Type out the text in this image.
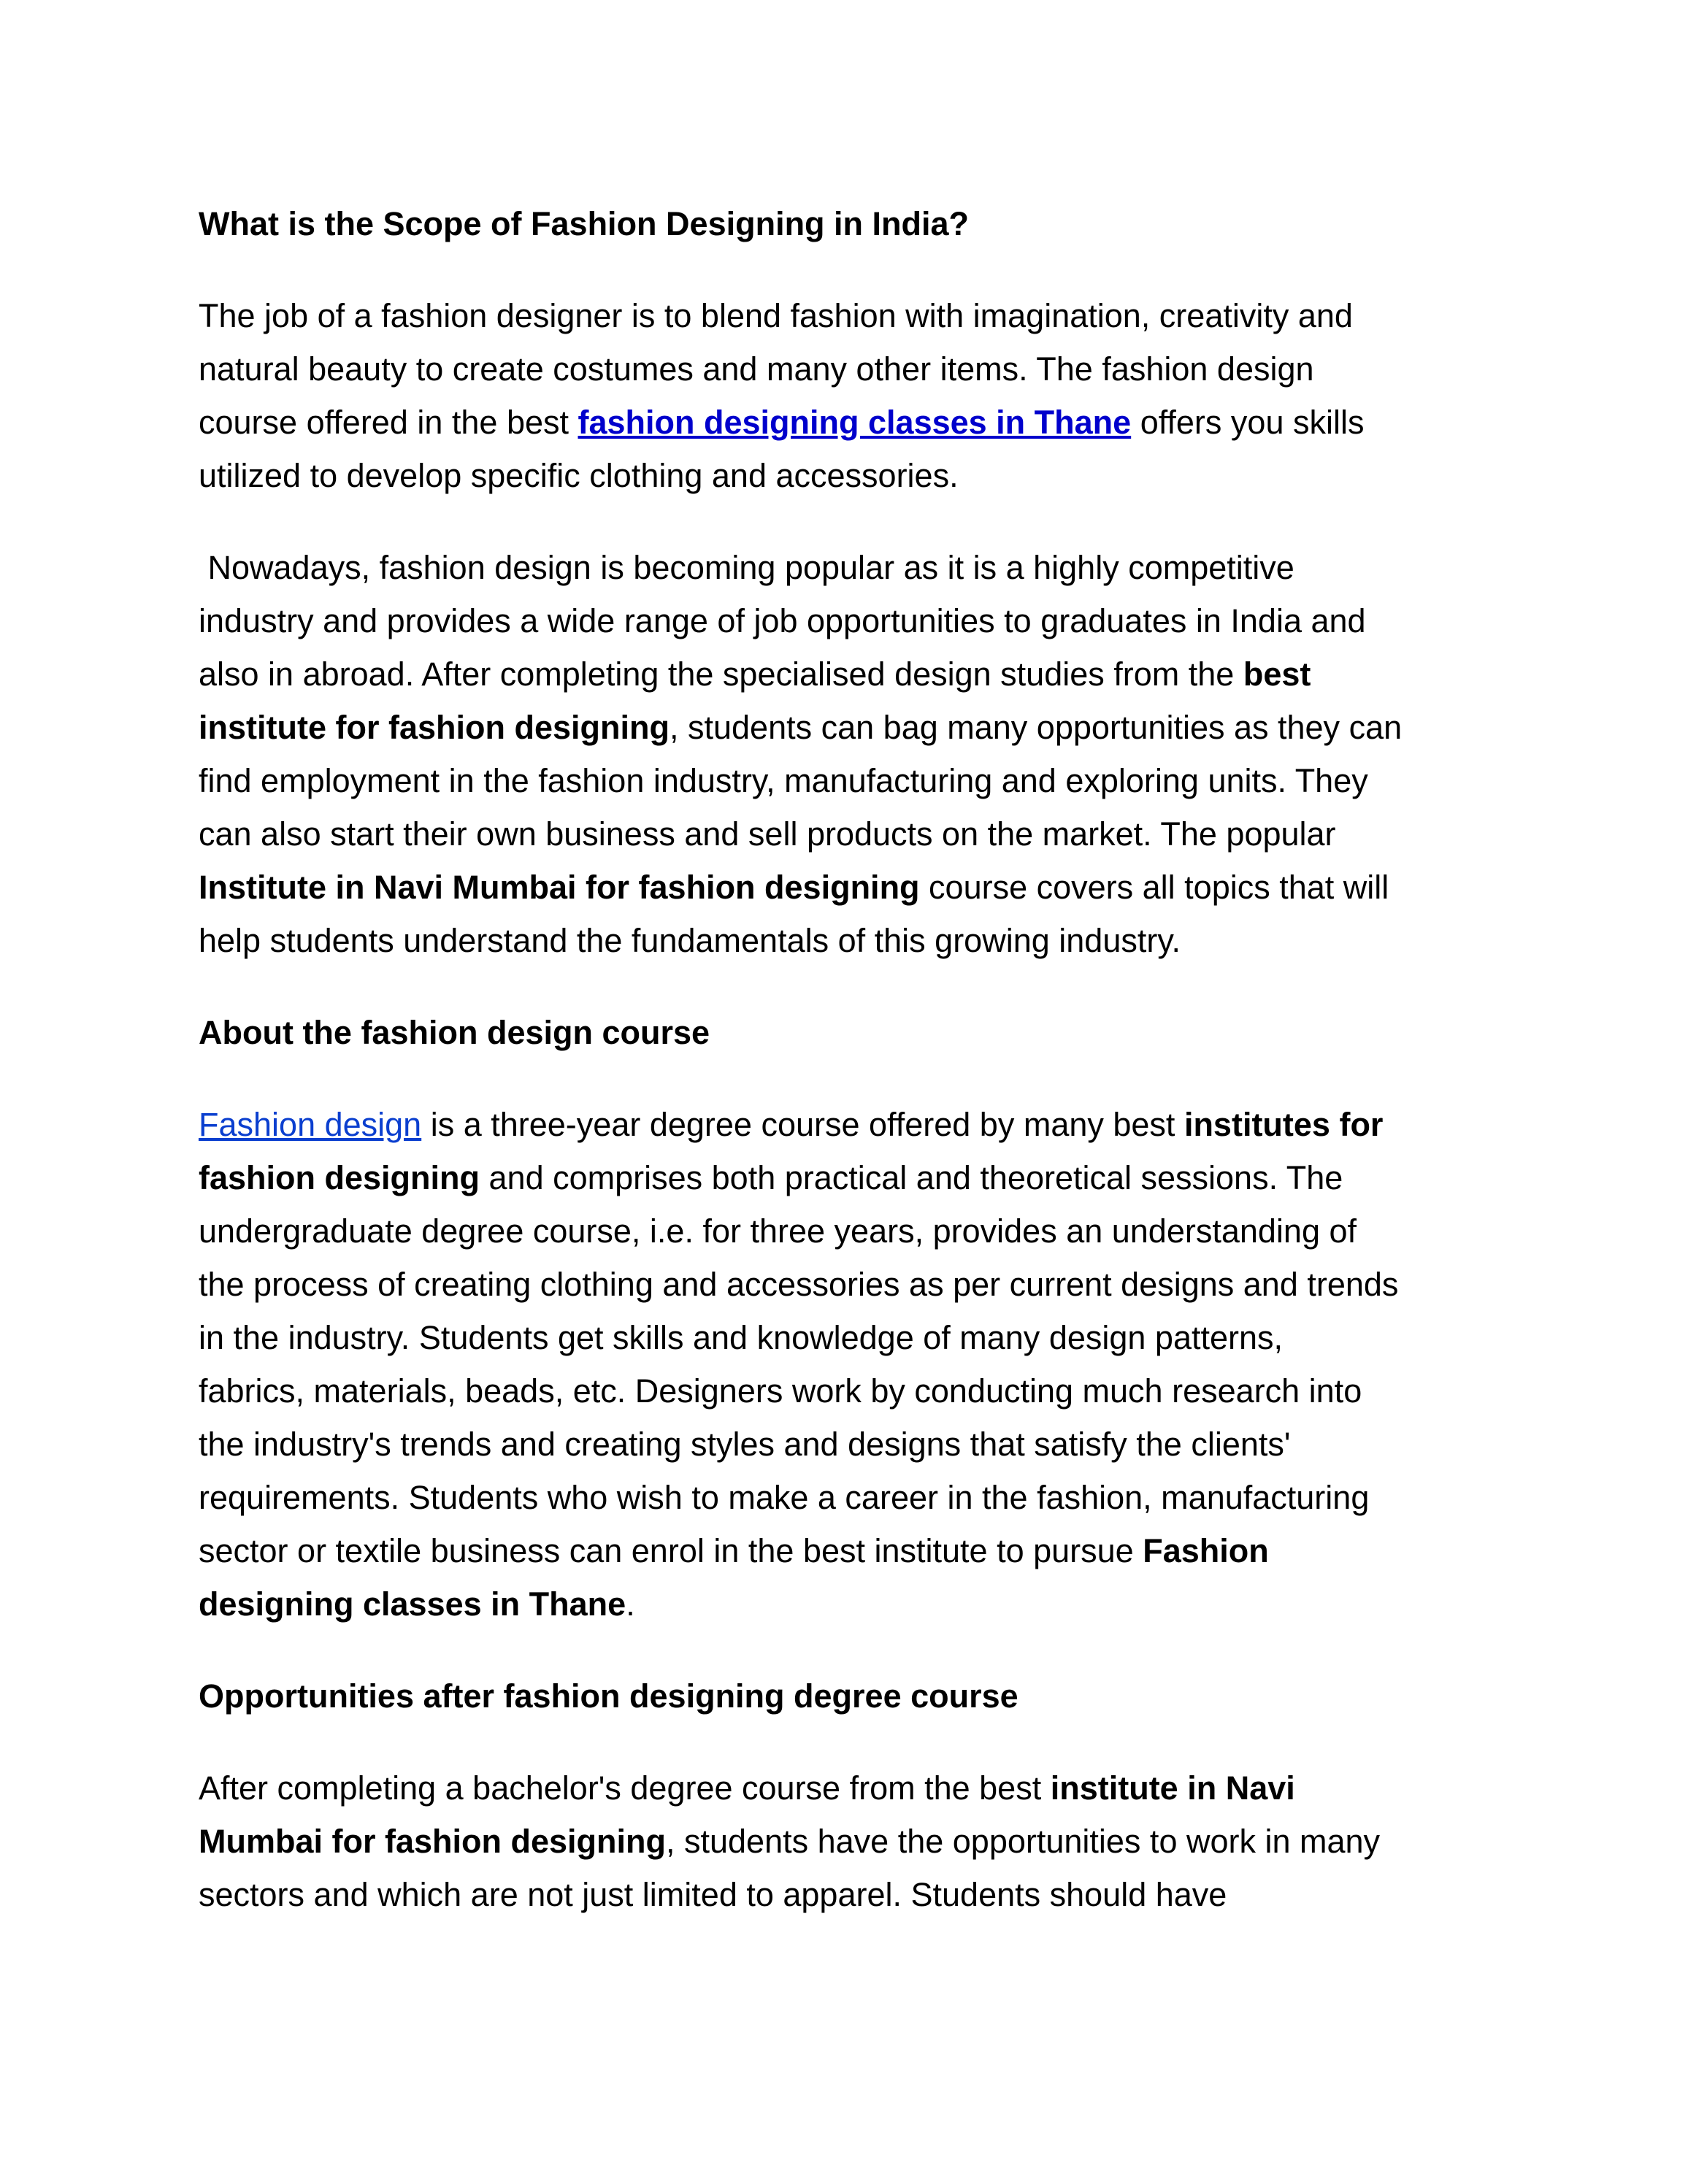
What is the Scope of Fashion Designing in India?

The job of a fashion designer is to blend fashion with imagination, creativity and

natural beauty to create costumes and many other items. The fashion design

course offered in the best fashion designing classes in Thane offers you skills

utilized to develop specific clothing and accessories.

Nowadays, fashion design is becoming popular as it is a highly competitive

industry and provides a wide range of job opportunities to graduates in India and

also in abroad. After completing the specialised design studies from the best

institute for fashion designing, students can bag many opportunities as they can

find employment in the fashion industry, manufacturing and exploring units. They

can also start their own business and sell products on the market. The popular

Institute in Navi Mumbai for fashion designing course covers all topics that will

help students understand the fundamentals of this growing industry.

About the fashion design course

Fashion design is a three-year degree course offered by many best institutes for

fashion designing and comprises both practical and theoretical sessions. The

undergraduate degree course, i.e. for three years, provides an understanding of

the process of creating clothing and accessories as per current designs and trends

in the industry. Students get skills and knowledge of many design patterns,

fabrics, materials, beads, etc. Designers work by conducting much research into

the industry's trends and creating styles and designs that satisfy the clients'

requirements. Students who wish to make a career in the fashion, manufacturing

sector or textile business can enrol in the best institute to pursue Fashion

designing classes in Thane.

Opportunities after fashion designing degree course

After completing a bachelor's degree course from the best institute in Navi

Mumbai for fashion designing, students have the opportunities to work in many

sectors and which are not just limited to apparel. Students should have
